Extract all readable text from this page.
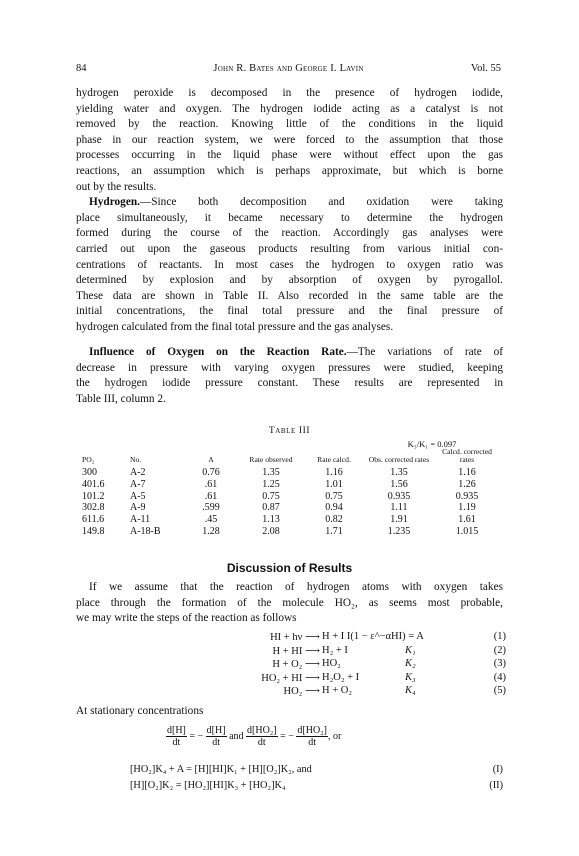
84	John R. Bates and George I. Lavin	Vol. 55
hydrogen peroxide is decomposed in the presence of hydrogen iodide,
yielding water and oxygen. The hydrogen iodide acting as a catalyst is not
removed by the reaction. Knowing little of the conditions in the liquid
phase in our reaction system, we were forced to the assumption that those
processes occurring in the liquid phase were without effect upon the gas
reactions, an assumption which is perhaps approximate, but which is borne
out by the results.
Hydrogen.—Since both decomposition and oxidation were taking
place simultaneously, it became necessary to determine the hydrogen
formed during the course of the reaction. Accordingly gas analyses were
carried out upon the gaseous products resulting from various initial con-
centrations of reactants. In most cases the hydrogen to oxygen ratio was
determined by explosion and by absorption of oxygen by pyrogallol.
These data are shown in Table II. Also recorded in the same table are the
initial concentrations, the final total pressure and the final pressure of
hydrogen calculated from the final total pressure and the gas analyses.
Influence of Oxygen on the Reaction Rate.—The variations of rate of
decrease in pressure with varying oxygen pressures were studied, keeping
the hydrogen iodide pressure constant. These results are represented in
Table III, column 2.
Table III
					K₃/K₁ = 0.097	
PO₂	No.	A	Rate observed	Rate calcd.	Obs. corrected rates	Calcd. corrected rates
300	A-2	0.76	1.35	1.16	1.35	1.16
401.6	A-7	.61	1.25	1.01	1.56	1.26
101.2	A-5	.61	0.75	0.75	0.935	0.935
302.8	A-9	.599	0.87	0.94	1.11	1.19
611.6	A-11	.45	1.13	0.82	1.91	1.61
149.8	A-18-B	1.28	2.08	1.71	1.235	1.015
Discussion of Results
If we assume that the reaction of hydrogen atoms with oxygen takes
place through the formation of the molecule HO₂, as seems most probable,
we may write the steps of the reaction as follows
HI + hν ⟶ H + I I(1 − ε^−αHI) = A	(1)
H + HI ⟶ H₂ + I	K₁	(2)
H + O₂ ⟶ HO₂	K₂	(3)
HO₂ + HI ⟶ H₂O₂ + I	K₃	(4)
HO₂ ⟶ H + O₂	K₄	(5)
At stationary concentrations
$\frac{d[H]}{dt}$ = − $\frac{d[H]}{dt}$ and $\frac{\text{d[HO₂]}}{dt}$ = − $\frac{\text{d[HO₂]}}{dt}$ , or
[HO₂]K₄ + A = [H][HI]K₁ + [H][O₂]K₂, and	(I)
[H][O₂]K₂ = [HO₂][HI]K₃ + [HO₂]K₄	(II)
